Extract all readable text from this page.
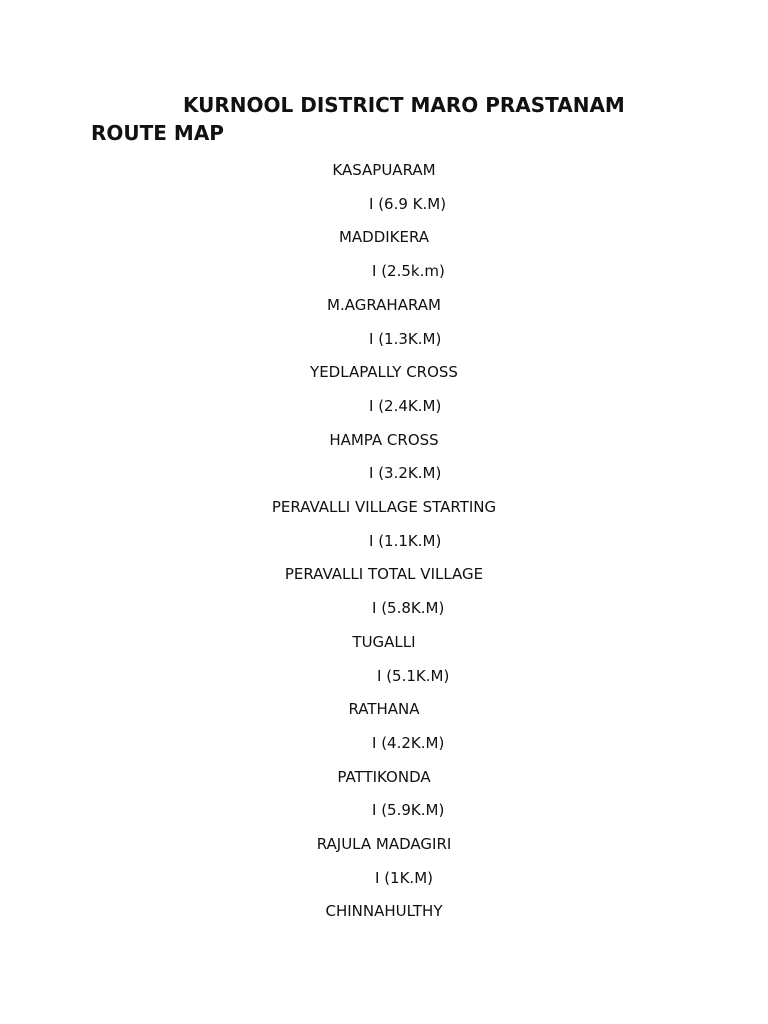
KURNOOL DISTRICT MARO PRASTANAM
ROUTE MAP
KASAPUARAM
I (6.9 K.M)
MADDIKERA
I (2.5k.m)
M.AGRAHARAM
I (1.3K.M)
YEDLAPALLY CROSS
I (2.4K.M)
HAMPA CROSS
I (3.2K.M)
PERAVALLI VILLAGE STARTING
I (1.1K.M)
PERAVALLI TOTAL VILLAGE
I (5.8K.M)
TUGALLI
I (5.1K.M)
RATHANA
I (4.2K.M)
PATTIKONDA
I (5.9K.M)
RAJULA MADAGIRI
I (1K.M)
CHINNAHULTHY
